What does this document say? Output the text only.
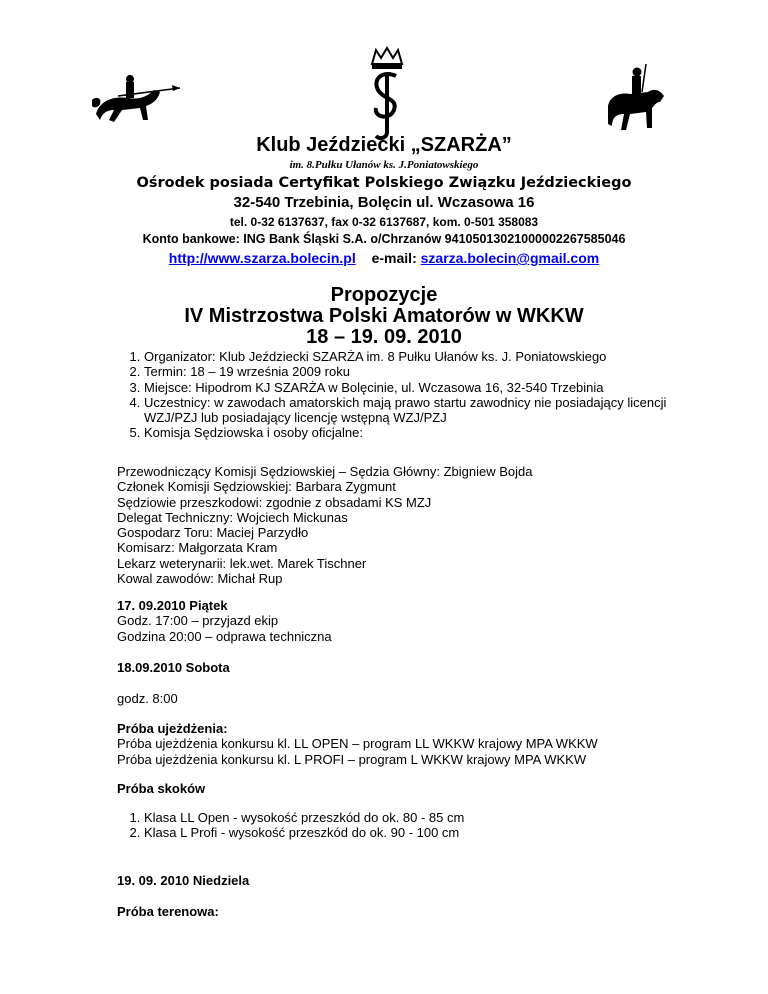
Klub Jeździecki „SZARŻA”
im. 8.Pułku Ułanów ks. J.Poniatowskiego
Ośrodek posiada Certyfikat Polskiego Związku Jeździeckiego
32-540 Trzebinia, Bolęcin ul. Wczasowa 16
tel. 0-32 6137637, fax 0-32 6137687, kom. 0-501 358083
Konto bankowe: ING Bank Śląski S.A. o/Chrzanów 94105013021000002267585046
http://www.szarza.bolecin.pl e-mail: szarza.bolecin@gmail.com
Propozycje
IV Mistrzostwa Polski Amatorów w WKKW
18 – 19. 09. 2010
1. Organizator: Klub Jeździecki SZARŻA im. 8 Pułku Ułanów ks. J. Poniatowskiego
2. Termin: 18 – 19 września 2009 roku
3. Miejsce: Hipodrom KJ SZARŻA w Bolęcinie, ul. Wczasowa 16, 32-540 Trzebinia
4. Uczestnicy: w zawodach amatorskich mają prawo startu zawodnicy nie posiadający licencji WZJ/PZJ lub posiadający licencję wstępną WZJ/PZJ
5. Komisja Sędziowska i osoby oficjalne:
Przewodniczący Komisji Sędziowskiej – Sędzia Główny: Zbigniew Bojda
Członek Komisji Sędziowskiej: Barbara Zygmunt
Sędziowie przeszkodowi: zgodnie z obsadami KS MZJ
Delegat Techniczny: Wojciech Mickunas
Gospodarz Toru: Maciej Parzydło
Komisarz: Małgorzata Kram
Lekarz weterynarii: lek.wet. Marek Tischner
Kowal zawodów: Michał Rup
17. 09.2010 Piątek
Godz. 17:00 – przyjazd ekip
Godzina 20:00 – odprawa techniczna
18.09.2010 Sobota
godz. 8:00
Próba ujeżdżenia:
Próba ujeżdżenia konkursu kl. LL OPEN – program LL WKKW krajowy MPA WKKW
Próba ujeżdżenia konkursu kl. L PROFI – program L WKKW krajowy MPA WKKW
Próba skoków
1. Klasa LL Open - wysokość przeszkód do ok. 80 - 85 cm
2. Klasa L Profi - wysokość przeszkód do ok. 90 - 100 cm
19. 09. 2010 Niedziela
Próba terenowa:
